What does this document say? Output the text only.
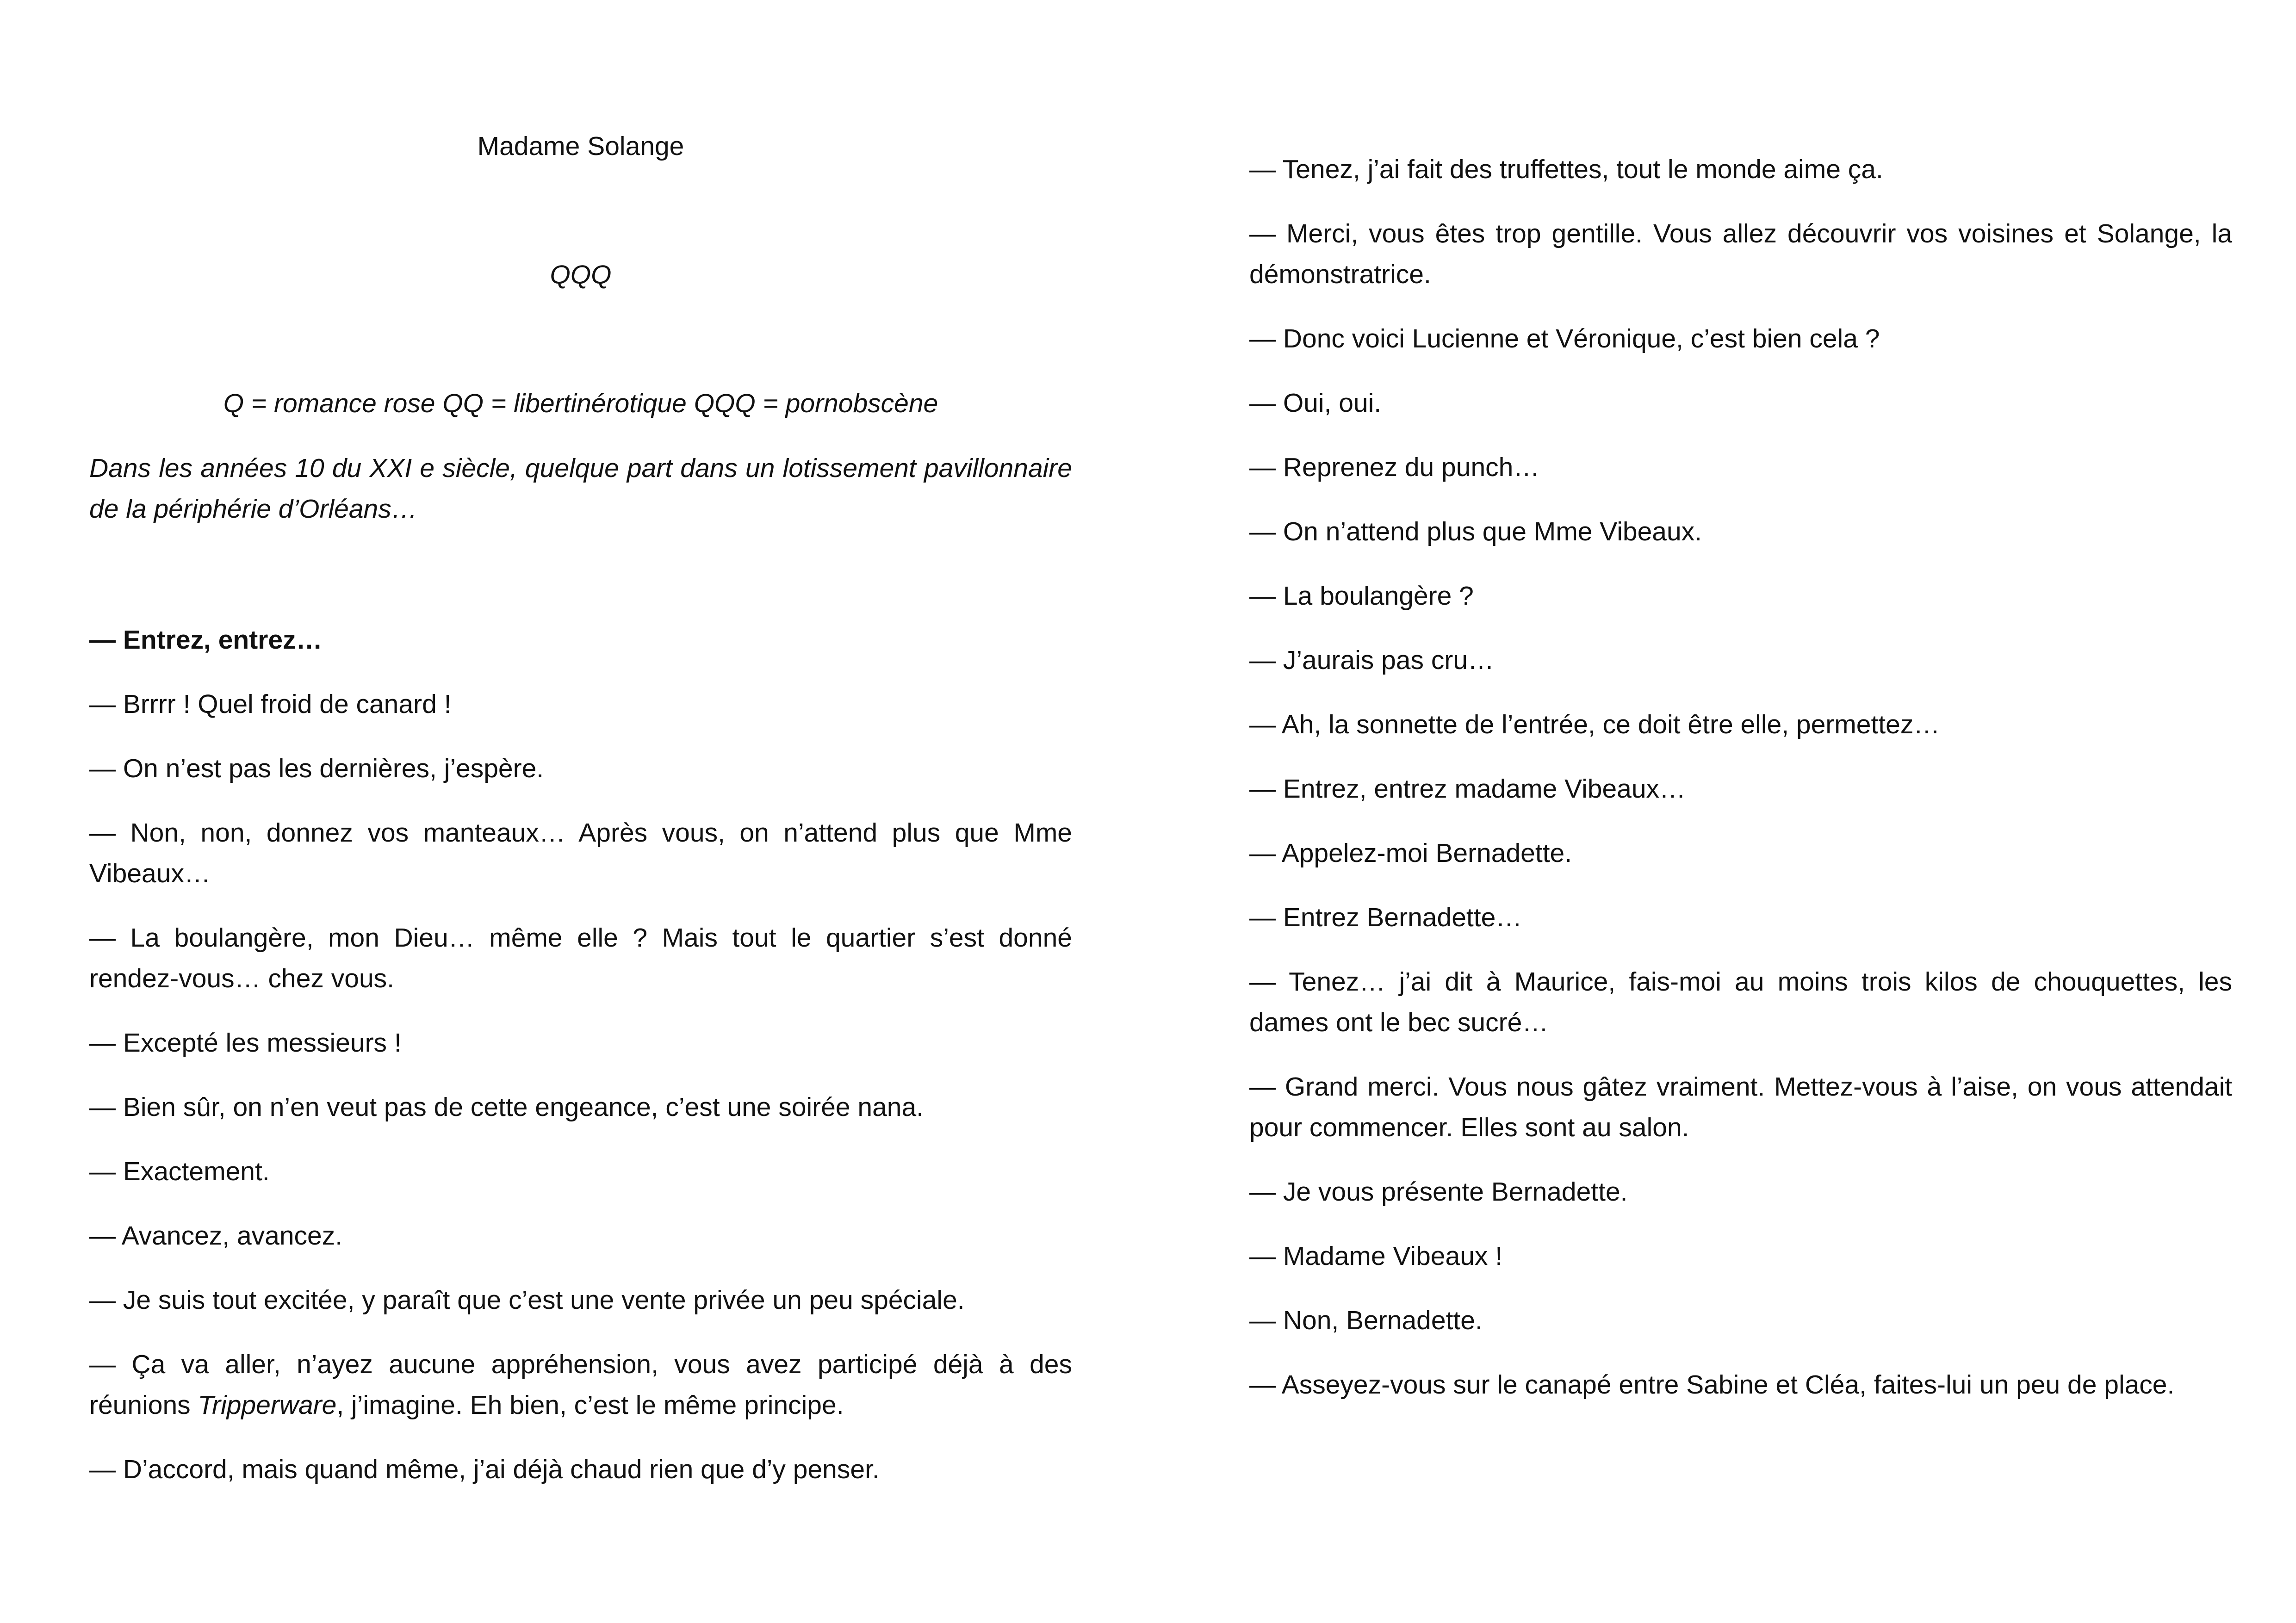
Madame Solange

QQQ

Q = romance rose QQ = libertinérotique QQQ = pornobscène

Dans les années 10 du XXI e siècle, quelque part dans un lotissement pavillonnaire de la périphérie d’Orléans…

— Entrez, entrez…

— Brrrr ! Quel froid de canard !

— On n’est pas les dernières, j’espère.

— Non, non, donnez vos manteaux… Après vous, on n’attend plus que Mme Vibeaux…

— La boulangère, mon Dieu… même elle ? Mais tout le quartier s’est donné rendez-vous… chez vous.

— Excepté les messieurs !

— Bien sûr, on n’en veut pas de cette engeance, c’est une soirée nana.

— Exactement.

— Avancez, avancez.

— Je suis tout excitée, y paraît que c’est une vente privée un peu spéciale.

— Ça va aller, n’ayez aucune appréhension, vous avez participé déjà à des réunions Tripperware, j’imagine. Eh bien, c’est le même principe.

— D’accord, mais quand même, j’ai déjà chaud rien que d’y penser.

— Tenez, j’ai fait des truffettes, tout le monde aime ça.

— Merci, vous êtes trop gentille. Vous allez découvrir vos voisines et Solange, la démonstratrice.

— Donc voici Lucienne et Véronique, c’est bien cela ?

— Oui, oui.

— Reprenez du punch…

— On n’attend plus que Mme Vibeaux.

— La boulangère ?

— J’aurais pas cru…

— Ah, la sonnette de l’entrée, ce doit être elle, permettez…

— Entrez, entrez madame Vibeaux…

— Appelez-moi Bernadette.

— Entrez Bernadette…

— Tenez… j’ai dit à Maurice, fais-moi au moins trois kilos de chouquettes, les dames ont le bec sucré…

— Grand merci. Vous nous gâtez vraiment. Mettez-vous à l’aise, on vous attendait pour commencer. Elles sont au salon.

— Je vous présente Bernadette.

— Madame Vibeaux !

— Non, Bernadette.

— Asseyez-vous sur le canapé entre Sabine et Cléa, faites-lui un peu de place.
